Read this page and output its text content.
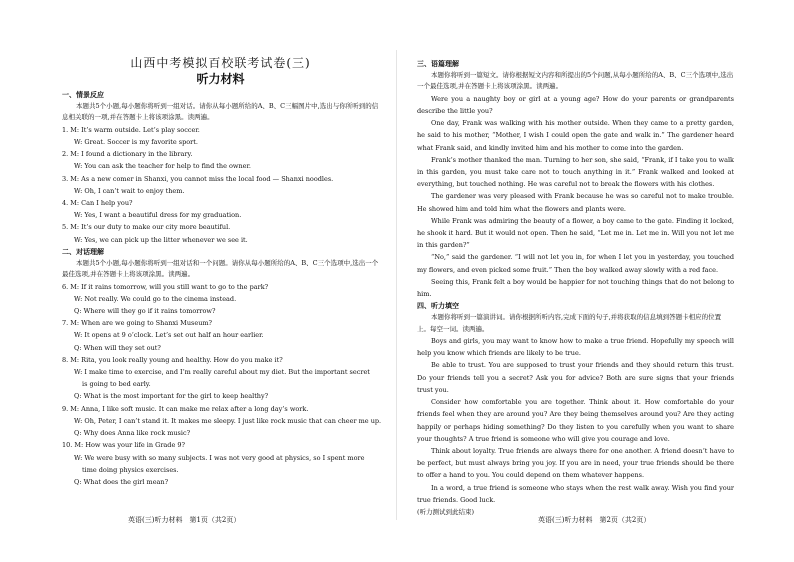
山西中考模拟百校联考试卷(三)
听力材料

一、情景反应

本题共5个小题,每小题你将听到一组对话。请你从每小题所给的A、B、C三幅图片中,选出与你所听到的信息相关联的一项,并在答题卡上将该项涂黑。读两遍。

1. M: It’s warm outside. Let’s play soccer.

W: Great. Soccer is my favorite sport.

2. M: I found a dictionary in the library.

W: You can ask the teacher for help to find the owner.

3. M: As a new comer in Shanxi, you cannot miss the local food — Shanxi noodles.

W: Oh, I can’t wait to enjoy them.

4. M: Can I help you?

W: Yes, I want a beautiful dress for my graduation.

5. M: It’s our duty to make our city more beautiful.

W: Yes, we can pick up the litter whenever we see it.

二、对话理解

本题共5个小题,每小题你将听到一组对话和一个问题。请你从每小题所给的A、B、C三个选项中,选出一个最佳选项,并在答题卡上将该项涂黑。读两遍。

6. M: If it rains tomorrow, will you still want to go to the park?

W: Not really. We could go to the cinema instead.

Q: Where will they go if it rains tomorrow?

7. M: When are we going to Shanxi Museum?

W: It opens at 9 o’clock. Let’s set out half an hour earlier.

Q: When will they set out?

8. M: Rita, you look really young and healthy. How do you make it?

W: I make time to exercise, and I’m really careful about my diet. But the important secret

is going to bed early.

Q: What is the most important for the girl to keep healthy?

9. M: Anna, I like soft music. It can make me relax after a long day’s work.

W: Oh, Peter, I can’t stand it. It makes me sleepy. I just like rock music that can cheer me up.

Q: Why does Anna like rock music?

10. M: How was your life in Grade 9?

W: We were busy with so many subjects. I was not very good at physics, so I spent more

time doing physics exercises.

Q: What does the girl mean?

三、语篇理解

本题你将听到一篇短文。请你根据短文内容和所提出的5个问题,从每小题所给的A、B、C三个选项中,选出一个最佳选项,并在答题卡上将该项涂黑。读两遍。

Were you a naughty boy or girl at a young age? How do your parents or grandparents describe the little you?

One day, Frank was walking with his mother outside. When they came to a pretty garden, he said to his mother, “Mother, I wish I could open the gate and walk in.” The gardener heard what Frank said, and kindly invited him and his mother to come into the garden.

Frank’s mother thanked the man. Turning to her son, she said, “Frank, if I take you to walk in this garden, you must take care not to touch anything in it.” Frank walked and looked at everything, but touched nothing. He was careful not to break the flowers with his clothes.

The gardener was very pleased with Frank because he was so careful not to make trouble. He showed him and told him what the flowers and plants were.

While Frank was admiring the beauty of a flower, a boy came to the gate. Finding it locked, he shook it hard. But it would not open. Then he said, “Let me in. Let me in. Will you not let me in this garden?”

“No,” said the gardener. “I will not let you in, for when I let you in yesterday, you touched my flowers, and even picked some fruit.” Then the boy walked away slowly with a red face.

Seeing this, Frank felt a boy would be happier for not touching things that do not belong to him.

四、听力填空

本题你将听到一篇演讲词。请你根据所听内容,完成下面的句子,并将获取的信息填到答题卡相应的位置上。每空一词。读两遍。

Boys and girls, you may want to know how to make a true friend. Hopefully my speech will help you know which friends are likely to be true.

Be able to trust. You are supposed to trust your friends and they should return this trust. Do your friends tell you a secret? Ask you for advice? Both are sure signs that your friends trust you.

Consider how comfortable you are together. Think about it. How comfortable do your friends feel when they are around you? Are they being themselves around you? Are they acting happily or perhaps hiding something? Do they listen to you carefully when you want to share your thoughts? A true friend is someone who will give you courage and love.

Think about loyalty. True friends are always there for one another. A friend doesn’t have to be perfect, but must always bring you joy. If you are in need, your true friends should be there to offer a hand to you. You could depend on them whatever happens.

In a word, a true friend is someone who stays when the rest walk away. Wish you find your true friends. Good luck.

(听力测试到此结束)

英语(三)听力材料　第1页（共2页）	英语(三)听力材料　第2页（共2页）
